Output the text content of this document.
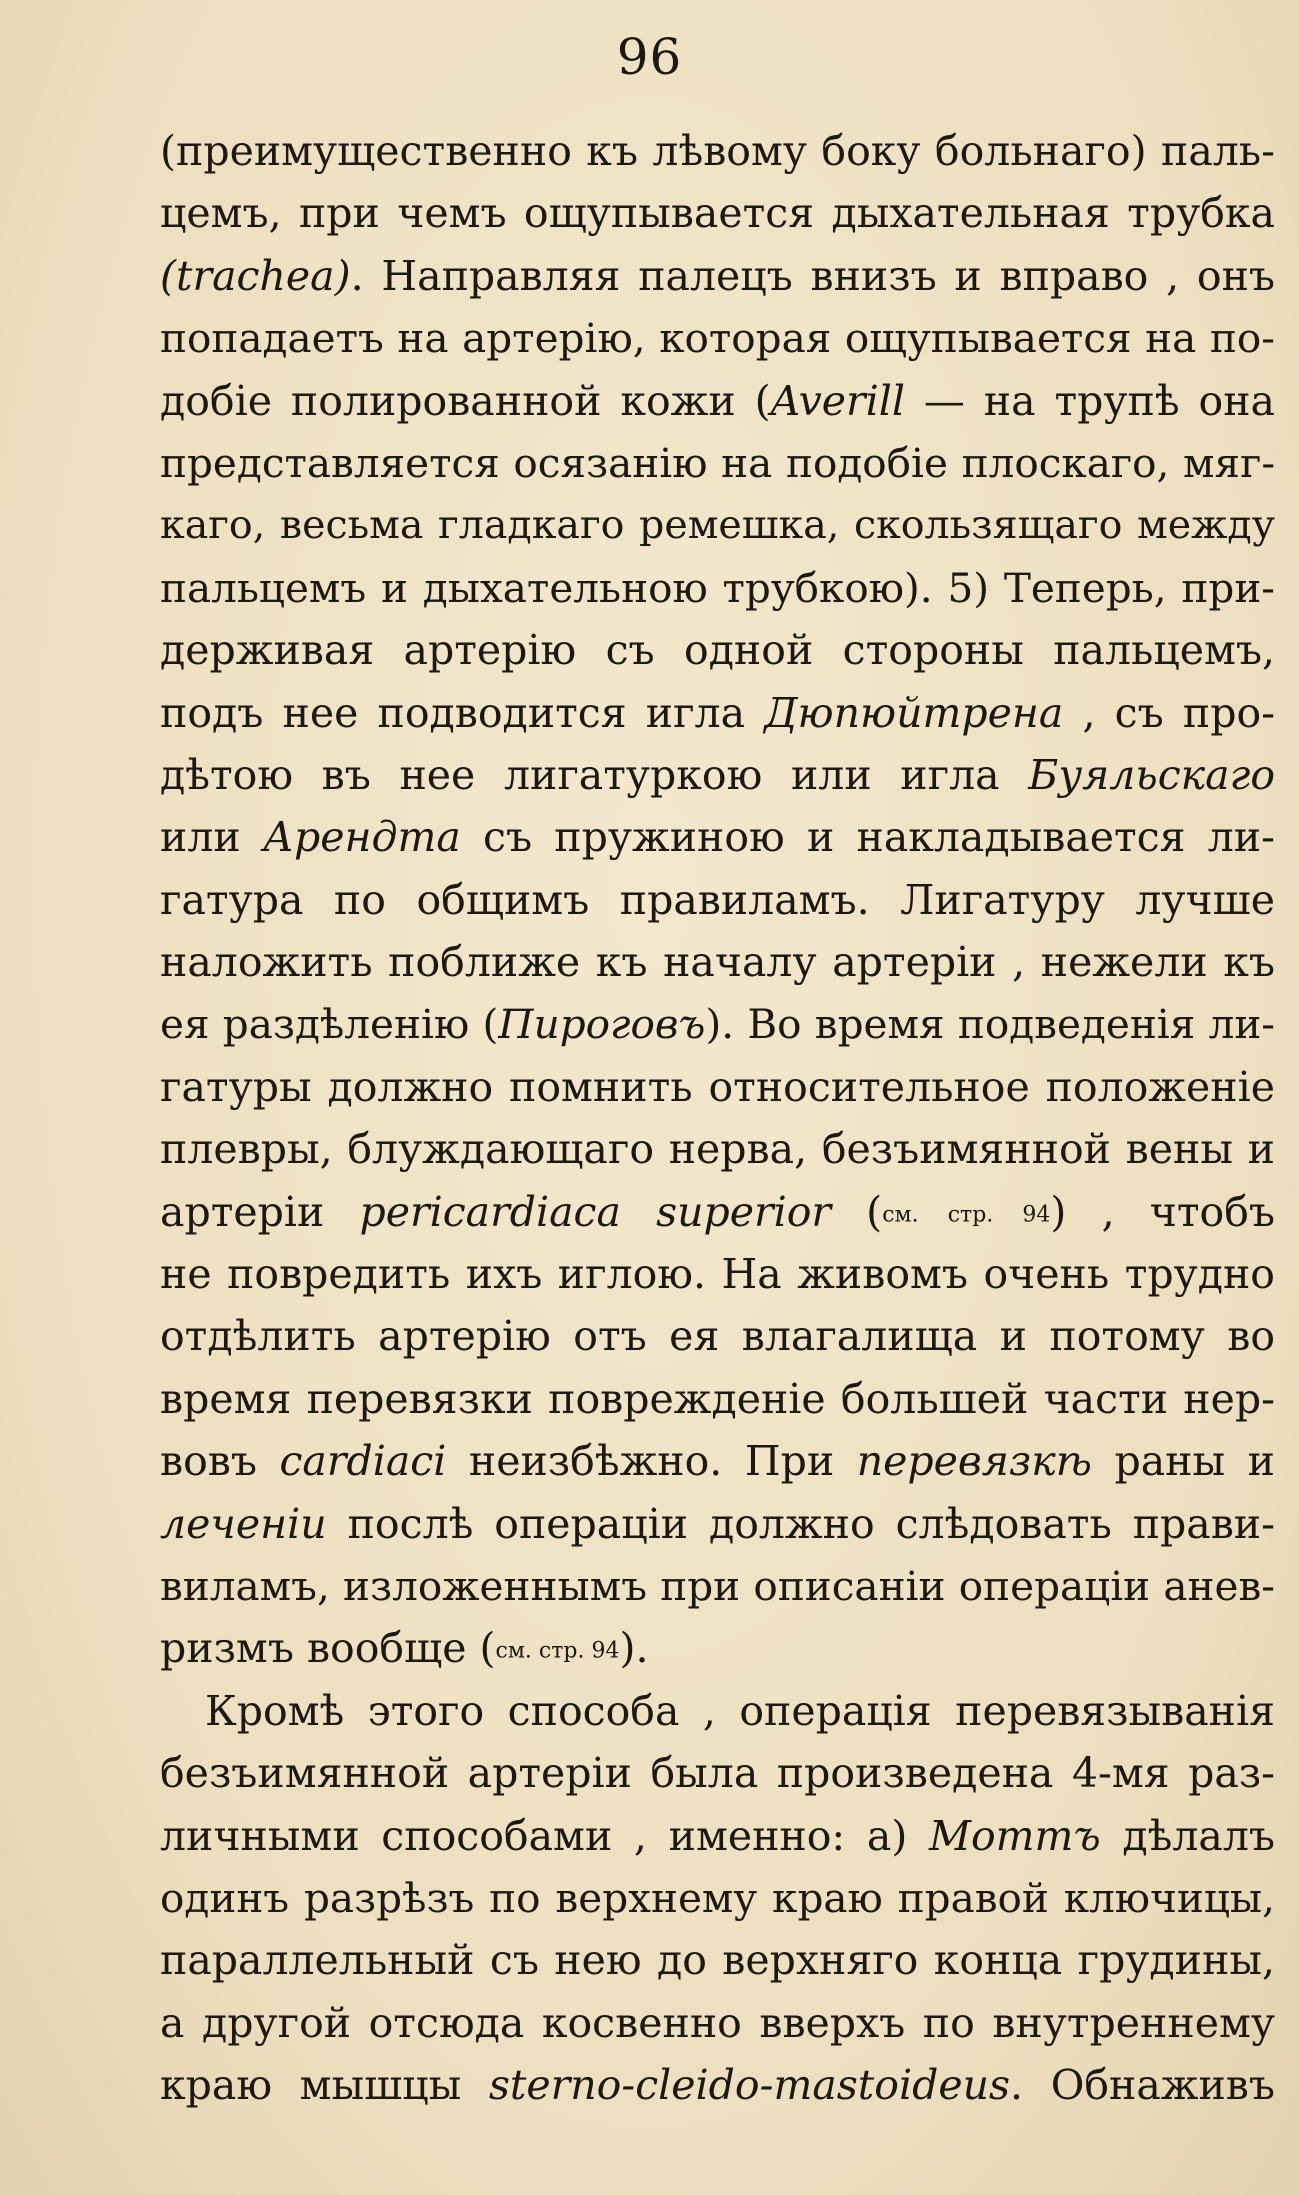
96
(преимущественно къ лѣвому боку больнаго) паль-
цемъ, при чемъ ощупывается дыхательная трубка
(trachea). Направляя палецъ внизъ и вправо , онъ
попадаетъ на артерію, которая ощупывается на по-
добіе полированной кожи (Averill — на трупѣ она
представляется осязанію на подобіе плоскаго, мяг-
каго, весьма гладкаго ремешка, скользящаго между
пальцемъ и дыхательною трубкою). 5) Теперь, при-
держивая артерію съ одной стороны пальцемъ,
подъ нее подводится игла Дюпюйтрена , съ про-
дѣтою въ нее лигатуркою или игла Буяльскаго
или Арендта съ пружиною и накладывается ли-
гатура по общимъ правиламъ. Лигатуру лучше
наложить поближе къ началу артеріи , нежели къ
ея раздѣленію (Пироговъ). Во время подведенія ли-
гатуры должно помнить относительное положеніе
плевры, блуждающаго нерва, безъимянной вены и
артеріи pericardiaca superior (см. стр. 94) , чтобъ
не повредить ихъ иглою. На живомъ очень трудно
отдѣлить артерію отъ ея влагалища и потому во
время перевязки поврежденіе большей части нер-
вовъ cardiaci неизбѣжно. При перевязкѣ раны и
леченіи послѣ операціи должно слѣдовать прави-
виламъ, изложеннымъ при описаніи операціи анев-
ризмъ вообще (см. стр. 94).
Кромѣ этого способа , операція перевязыванія
безъимянной артеріи была произведена 4-мя раз-
личными способами , именно: а) Моттъ дѣлалъ
одинъ разрѣзъ по верхнему краю правой ключицы,
параллельный съ нею до верхняго конца грудины,
а другой отсюда косвенно вверхъ по внутреннему
краю мышцы sterno-cleido-mastoideus. Обнаживъ
